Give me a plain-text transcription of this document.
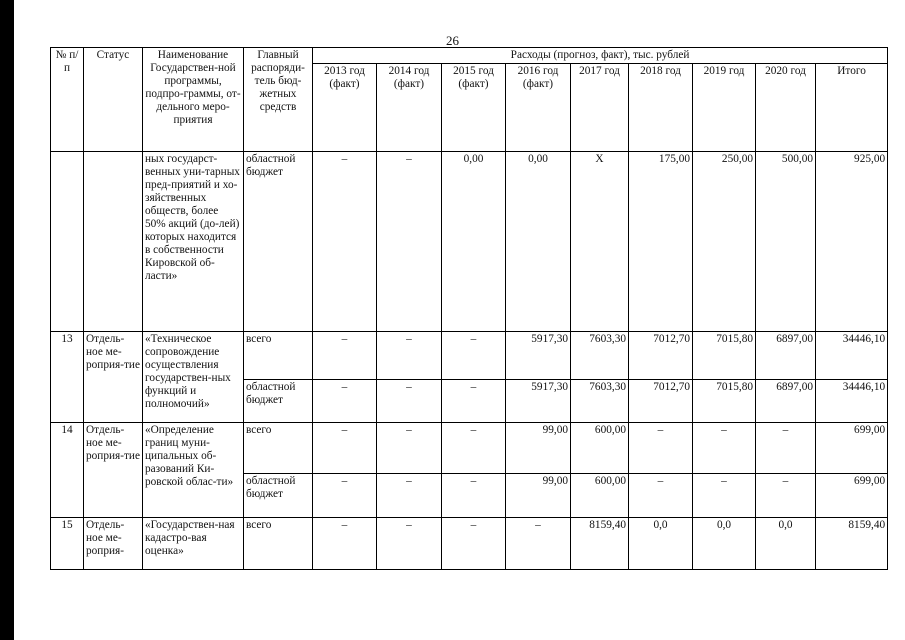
26
№ п/п	Статус	Наименование Государствен-ной программы, подпро-граммы, от-дельного меро-приятия	Главный распоряди-тель бюд-жетных средств	Расходы (прогноз, факт), тыс. рублей								
				2013 год (факт)	2014 год (факт)	2015 год (факт)	2016 год (факт)	2017 год	2018 год	2019 год	2020 год	Итого
		ных государст-венных уни-тарных пред-приятий и хо-зяйственных обществ, более 50% акций (до-лей) которых находится в собственности Кировской об-ласти»	областной бюджет	–	–	0,00	0,00	Х	175,00	250,00	500,00	925,00
13	Отдель-ное ме-роприя-тие	«Техническое сопровождение осуществления государствен-ных функций и полномочий»	всего	–	–	–	5917,30	7603,30	7012,70	7015,80	6897,00	34446,10
			областной бюджет	–	–	–	5917,30	7603,30	7012,70	7015,80	6897,00	34446,10
14	Отдель-ное ме-роприя-тие	«Определение границ муни-ципальных об-разований Ки-ровской облас-ти»	всего	–	–	–	99,00	600,00	–	–	–	699,00
			областной бюджет	–	–	–	99,00	600,00	–	–	–	699,00
15	Отдель-ное ме-роприя-	«Государствен-ная кадастро-вая оценка»	всего	–	–	–	–	8159,40	0,0	0,0	0,0	8159,40
